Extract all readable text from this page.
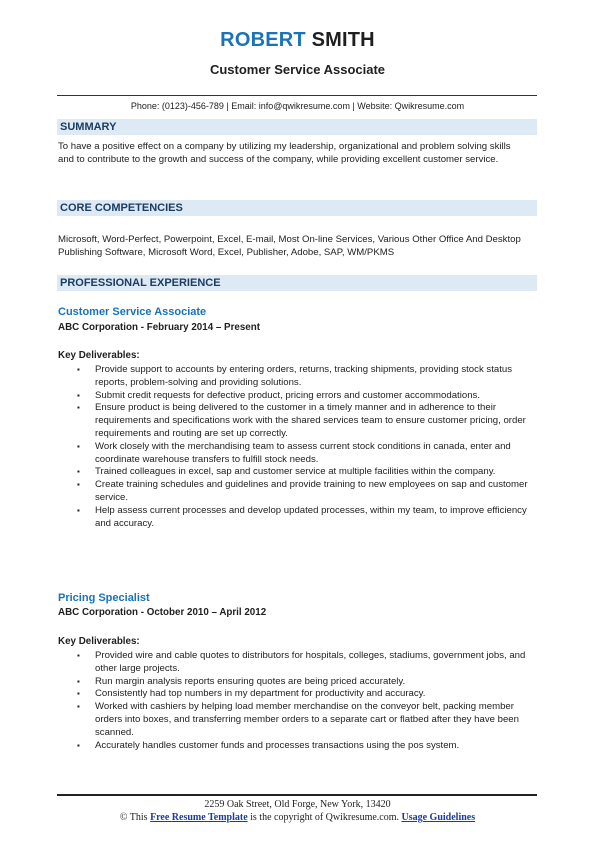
ROBERT SMITH
Customer Service Associate
Phone: (0123)-456-789 | Email: info@qwikresume.com | Website: Qwikresume.com
SUMMARY
To have a positive effect on a company by utilizing my leadership, organizational and problem solving skills and to contribute to the growth and success of the company, while providing excellent customer service.
CORE COMPETENCIES
Microsoft, Word-Perfect, Powerpoint, Excel, E-mail, Most On-line Services, Various Other Office And Desktop Publishing Software, Microsoft Word, Excel, Publisher, Adobe, SAP, WM/PKMS
PROFESSIONAL EXPERIENCE
Customer Service Associate
ABC Corporation - February 2014 – Present
Key Deliverables:
▪ Provide support to accounts by entering orders, returns, tracking shipments, providing stock status reports, problem-solving and providing solutions.
▪ Submit credit requests for defective product, pricing errors and customer accommodations.
▪ Ensure product is being delivered to the customer in a timely manner and in adherence to their requirements and specifications work with the shared services team to ensure customer pricing, order requirements and routing are set up correctly.
▪ Work closely with the merchandising team to assess current stock conditions in canada, enter and coordinate warehouse transfers to fulfill stock needs.
▪ Trained colleagues in excel, sap and customer service at multiple facilities within the company.
▪ Create training schedules and guidelines and provide training to new employees on sap and customer service.
▪ Help assess current processes and develop updated processes, within my team, to improve efficiency and accuracy.
Pricing Specialist
ABC Corporation - October 2010 – April 2012
Key Deliverables:
▪ Provided wire and cable quotes to distributors for hospitals, colleges, stadiums, government jobs, and other large projects.
▪ Run margin analysis reports ensuring quotes are being priced accurately.
▪ Consistently had top numbers in my department for productivity and accuracy.
▪ Worked with cashiers by helping load member merchandise on the conveyor belt, packing member orders into boxes, and transferring member orders to a separate cart or flatbed after they have been scanned.
▪ Accurately handles customer funds and processes transactions using the pos system.
2259 Oak Street, Old Forge, New York, 13420
© This Free Resume Template is the copyright of Qwikresume.com. Usage Guidelines
